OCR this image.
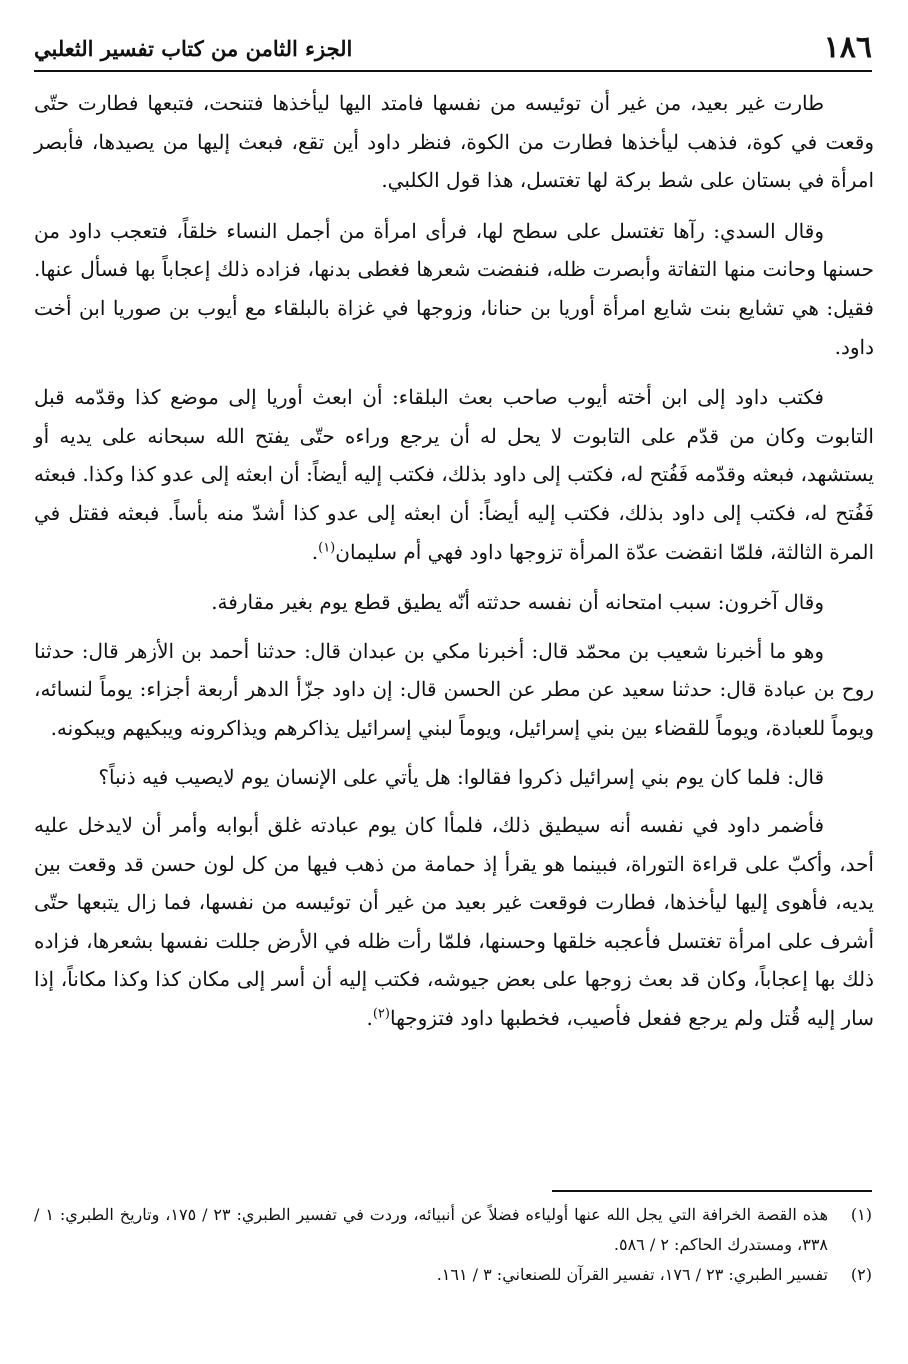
١٨٦
الجزء الثامن من كتاب تفسير الثعلبي

طارت غير بعيد، من غير أن توئيسه من نفسها فامتد اليها ليأخذها فتنحت، فتبعها فطارت حتّى وقعت في كوة، فذهب ليأخذها فطارت من الكوة، فنظر داود أين تقع، فبعث إليها من يصيدها، فأبصر امرأة في بستان على شط بركة لها تغتسل، هذا قول الكلبي.

وقال السدي: رآها تغتسل على سطح لها، فرأى امرأة من أجمل النساء خلقاً، فتعجب داود من حسنها وحانت منها التفاتة وأبصرت ظله، فنفضت شعرها فغطى بدنها، فزاده ذلك إعجاباً بها فسأل عنها. فقيل: هي تشايع بنت شايع امرأة أوريا بن حنانا، وزوجها في غزاة بالبلقاء مع أيوب بن صوريا ابن أخت داود.

فكتب داود إلى ابن أخته أيوب صاحب بعث البلقاء: أن ابعث أوريا إلى موضع كذا وقدّمه قبل التابوت وكان من قدّم على التابوت لا يحل له أن يرجع وراءه حتّى يفتح الله سبحانه على يديه أو يستشهد، فبعثه وقدّمه فَفُتح له، فكتب إلى داود بذلك، فكتب إليه أيضاً: أن ابعثه إلى عدو كذا وكذا. فبعثه فَفُتح له، فكتب إلى داود بذلك، فكتب إليه أيضاً: أن ابعثه إلى عدو كذا أشدّ منه بأساً. فبعثه فقتل في المرة الثالثة، فلمّا انقضت عدّة المرأة تزوجها داود فهي أم سليمان$^{(١)}$.

وقال آخرون: سبب امتحانه أن نفسه حدثته أنّه يطيق قطع يوم بغير مقارفة.

وهو ما أخبرنا شعيب بن محمّد قال: أخبرنا مكي بن عبدان قال: حدثنا أحمد بن الأزهر قال: حدثنا روح بن عبادة قال: حدثنا سعيد عن مطر عن الحسن قال: إن داود جزّأ الدهر أربعة أجزاء: يوماً لنسائه، ويوماً للعبادة، ويوماً للقضاء بين بني إسرائيل، ويوماً لبني إسرائيل يذاكرهم ويذاكرونه ويبكيهم ويبكونه.

قال: فلما كان يوم بني إسرائيل ذكروا فقالوا: هل يأتي على الإنسان يوم لايصيب فيه ذنباً؟

فأضمر داود في نفسه أنه سيطيق ذلك، فلمأا كان يوم عبادته غلق أبوابه وأمر أن لايدخل عليه أحد، وأكبّ على قراءة التوراة، فبينما هو يقرأ إذ حمامة من ذهب فيها من كل لون حسن قد وقعت بين يديه، فأهوى إليها ليأخذها، فطارت فوقعت غير بعيد من غير أن توئيسه من نفسها، فما زال يتبعها حتّى أشرف على امرأة تغتسل فأعجبه خلقها وحسنها، فلمّا رأت ظله في الأرض جللت نفسها بشعرها، فزاده ذلك بها إعجاباً، وكان قد بعث زوجها على بعض جيوشه، فكتب إليه أن أسر إلى مكان كذا وكذا مكاناً، إذا سار إليه قُتل ولم يرجع ففعل فأصيب، فخطبها داود فتزوجها$^{(٢)}$.

(١)
هذه القصة الخرافة التي يجل الله عنها أولياءه فضلاً عن أنبيائه، وردت في تفسير الطبري: ٢٣ / ١٧٥، وتاريخ الطبري: ١ / ٣٣٨، ومستدرك الحاكم: ٢ / ٥٨٦.

(٢)
تفسير الطبري: ٢٣ / ١٧٦، تفسير القرآن للصنعاني: ٣ / ١٦١.
